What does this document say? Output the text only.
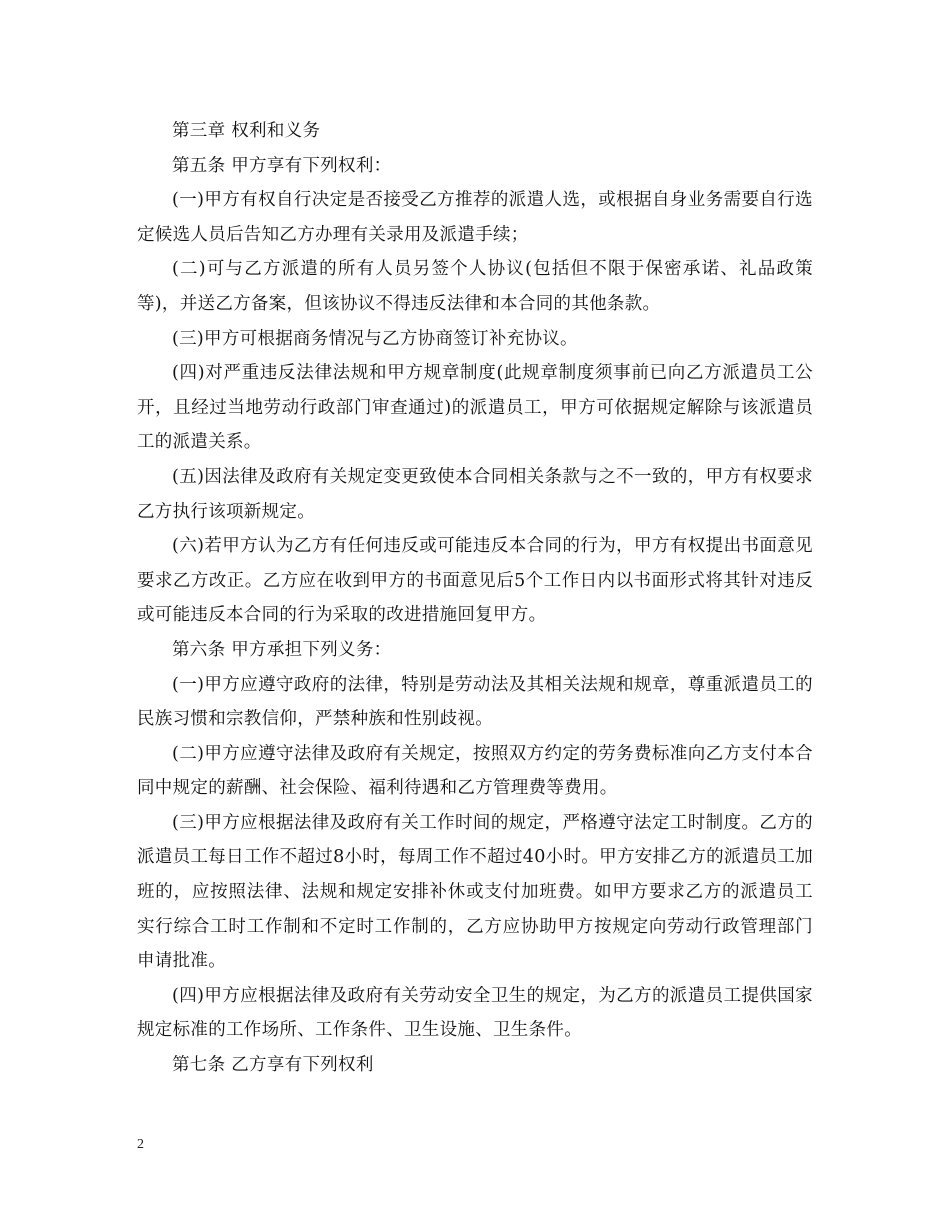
第三章 权利和义务

第五条 甲方享有下列权利：

(一)甲方有权自行决定是否接受乙方推荐的派遣人选，或根据自身业务需要自行选定候选人员后告知乙方办理有关录用及派遣手续；

(二)可与乙方派遣的所有人员另签个人协议(包括但不限于保密承诺、礼品政策等)，并送乙方备案，但该协议不得违反法律和本合同的其他条款。

(三)甲方可根据商务情况与乙方协商签订补充协议。

(四)对严重违反法律法规和甲方规章制度(此规章制度须事前已向乙方派遣员工公开，且经过当地劳动行政部门审查通过)的派遣员工，甲方可依据规定解除与该派遣员工的派遣关系。

(五)因法律及政府有关规定变更致使本合同相关条款与之不一致的，甲方有权要求乙方执行该项新规定。

(六)若甲方认为乙方有任何违反或可能违反本合同的行为，甲方有权提出书面意见要求乙方改正。乙方应在收到甲方的书面意见后5个工作日内以书面形式将其针对违反或可能违反本合同的行为采取的改进措施回复甲方。

第六条 甲方承担下列义务：

(一)甲方应遵守政府的法律，特别是劳动法及其相关法规和规章，尊重派遣员工的民族习惯和宗教信仰，严禁种族和性别歧视。

(二)甲方应遵守法律及政府有关规定，按照双方约定的劳务费标准向乙方支付本合同中规定的薪酬、社会保险、福利待遇和乙方管理费等费用。

(三)甲方应根据法律及政府有关工作时间的规定，严格遵守法定工时制度。乙方的派遣员工每日工作不超过8小时，每周工作不超过40小时。甲方安排乙方的派遣员工加班的，应按照法律、法规和规定安排补休或支付加班费。如甲方要求乙方的派遣员工实行综合工时工作制和不定时工作制的，乙方应协助甲方按规定向劳动行政管理部门申请批准。

(四)甲方应根据法律及政府有关劳动安全卫生的规定，为乙方的派遣员工提供国家规定标准的工作场所、工作条件、卫生设施、卫生条件。

第七条 乙方享有下列权利

2
